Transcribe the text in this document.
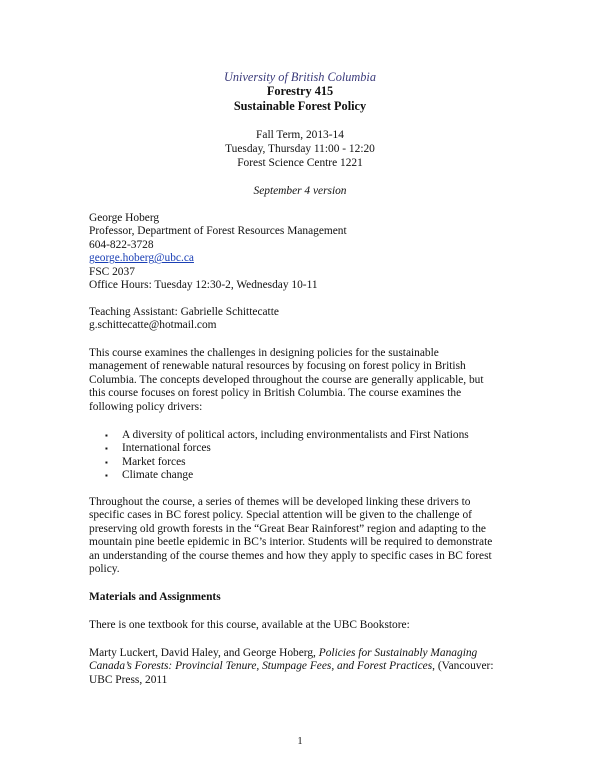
University of British Columbia
Forestry 415
Sustainable Forest Policy
Fall Term, 2013-14
Tuesday, Thursday 11:00 - 12:20
Forest Science Centre 1221
September 4 version
George Hoberg
Professor, Department of Forest Resources Management
604-822-3728
george.hoberg@ubc.ca
FSC 2037
Office Hours: Tuesday 12:30-2, Wednesday 10-11
Teaching Assistant: Gabrielle Schittecatte
g.schittecatte@hotmail.com
This course examines the challenges in designing policies for the sustainable
management of renewable natural resources by focusing on forest policy in British
Columbia. The concepts developed throughout the course are generally applicable, but
this course focuses on forest policy in British Columbia. The course examines the
following policy drivers:
▪ A diversity of political actors, including environmentalists and First Nations
▪ International forces
▪ Market forces
▪ Climate change
Throughout the course, a series of themes will be developed linking these drivers to
specific cases in BC forest policy. Special attention will be given to the challenge of
preserving old growth forests in the “Great Bear Rainforest” region and adapting to the
mountain pine beetle epidemic in BC’s interior. Students will be required to demonstrate
an understanding of the course themes and how they apply to specific cases in BC forest
policy.
Materials and Assignments
There is one textbook for this course, available at the UBC Bookstore:
Marty Luckert, David Haley, and George Hoberg, Policies for Sustainably Managing
Canada’s Forests: Provincial Tenure, Stumpage Fees, and Forest Practices, (Vancouver:
UBC Press, 2011
1
